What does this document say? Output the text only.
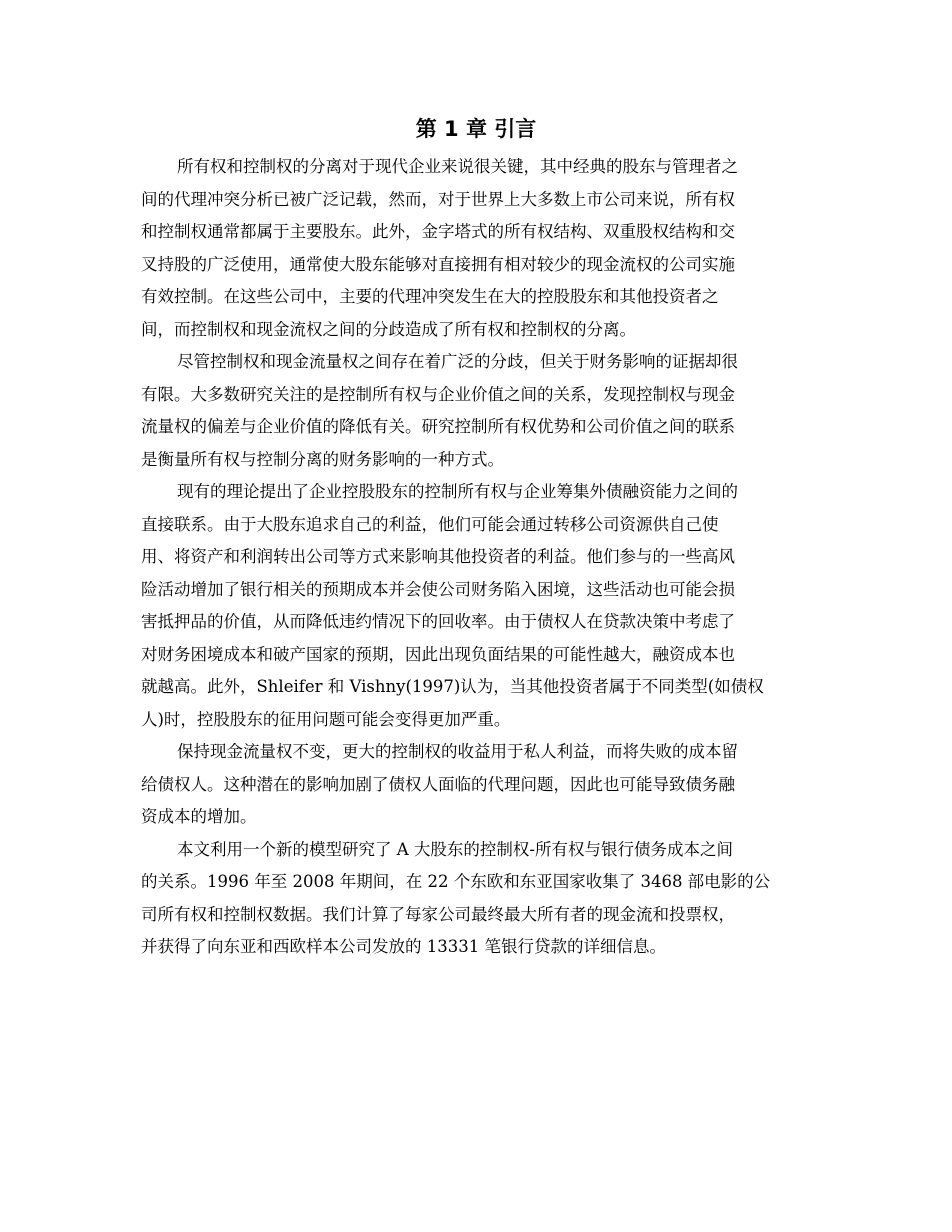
第 1 章 引言
所有权和控制权的分离对于现代企业来说很关键，其中经典的股东与管理者之
间的代理冲突分析已被广泛记载，然而，对于世界上大多数上市公司来说，所有权
和控制权通常都属于主要股东。此外，金字塔式的所有权结构、双重股权结构和交
叉持股的广泛使用，通常使大股东能够对直接拥有相对较少的现金流权的公司实施
有效控制。在这些公司中，主要的代理冲突发生在大的控股股东和其他投资者之
间，而控制权和现金流权之间的分歧造成了所有权和控制权的分离。
尽管控制权和现金流量权之间存在着广泛的分歧，但关于财务影响的证据却很
有限。大多数研究关注的是控制所有权与企业价值之间的关系，发现控制权与现金
流量权的偏差与企业价值的降低有关。研究控制所有权优势和公司价值之间的联系
是衡量所有权与控制分离的财务影响的一种方式。
现有的理论提出了企业控股股东的控制所有权与企业筹集外债融资能力之间的
直接联系。由于大股东追求自己的利益，他们可能会通过转移公司资源供自己使
用、将资产和利润转出公司等方式来影响其他投资者的利益。他们参与的一些高风
险活动增加了银行相关的预期成本并会使公司财务陷入困境，这些活动也可能会损
害抵押品的价值，从而降低违约情况下的回收率。由于债权人在贷款决策中考虑了
对财务困境成本和破产国家的预期，因此出现负面结果的可能性越大，融资成本也
就越高。此外，Shleifer 和 Vishny(1997)认为，当其他投资者属于不同类型(如债权
人)时，控股股东的征用问题可能会变得更加严重。
保持现金流量权不变，更大的控制权的收益用于私人利益，而将失败的成本留
给债权人。这种潜在的影响加剧了债权人面临的代理问题，因此也可能导致债务融
资成本的增加。
本文利用一个新的模型研究了 A 大股东的控制权-所有权与银行债务成本之间
的关系。1996 年至 2008 年期间，在 22 个东欧和东亚国家收集了 3468 部电影的公
司所有权和控制权数据。我们计算了每家公司最终最大所有者的现金流和投票权，
并获得了向东亚和西欧样本公司发放的 13331 笔银行贷款的详细信息。
